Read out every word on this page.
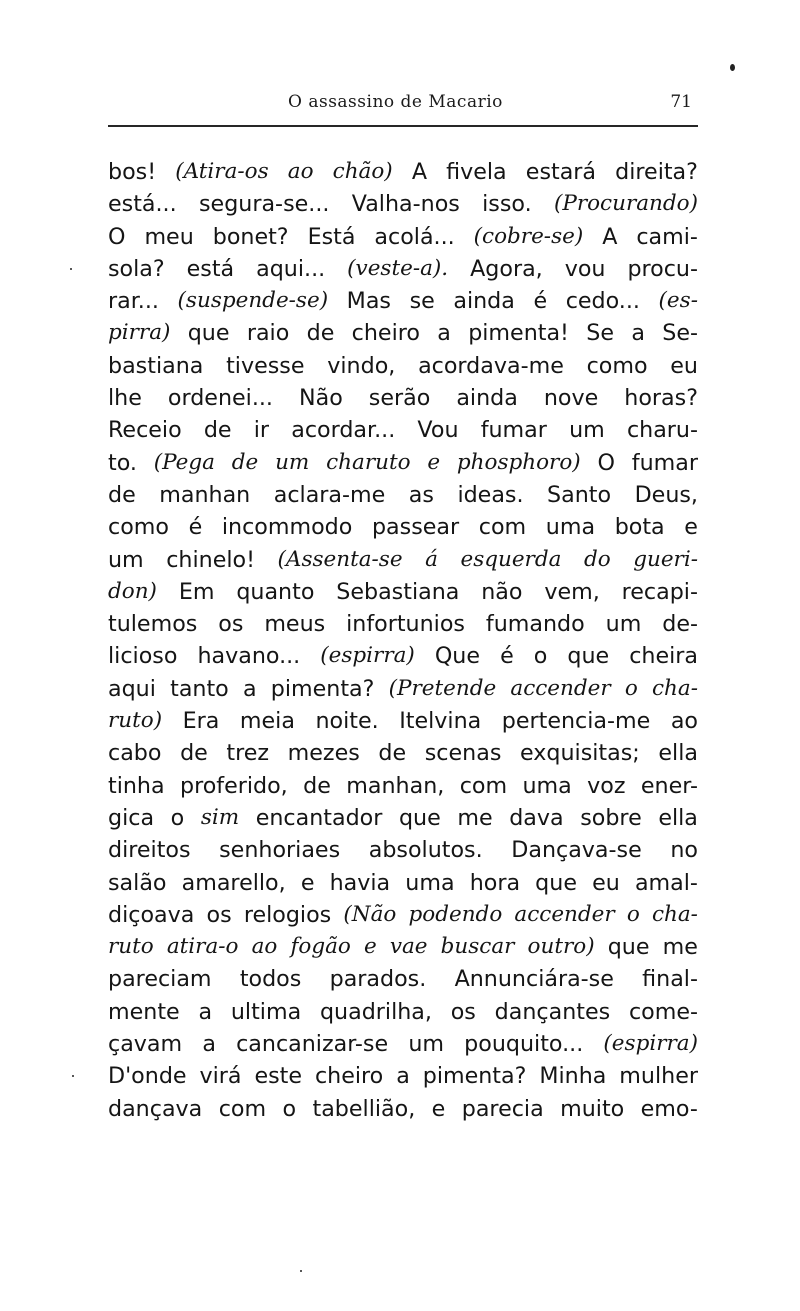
O assassino de Macario	71
bos! (Atira-os ao chão) A fivela estará direita?
está... segura-se... Valha-nos isso. (Procurando)
O meu bonet? Está acolá... (cobre-se) A cami-
sola? está aqui... (veste-a). Agora, vou procu-
rar... (suspende-se) Mas se ainda é cedo... (es-
pirra) que raio de cheiro a pimenta! Se a Se-
bastiana tivesse vindo, acordava-me como eu
lhe ordenei... Não serão ainda nove horas?
Receio de ir acordar... Vou fumar um charu-
to. (Pega de um charuto e phosphoro) O fumar
de manhan aclara-me as ideas. Santo Deus,
como é incommodo passear com uma bota e
um chinelo! (Assenta-se á esquerda do gueri-
don) Em quanto Sebastiana não vem, recapi-
tulemos os meus infortunios fumando um de-
licioso havano... (espirra) Que é o que cheira
aqui tanto a pimenta? (Pretende accender o cha-
ruto) Era meia noite. Itelvina pertencia-me ao
cabo de trez mezes de scenas exquisitas; ella
tinha proferido, de manhan, com uma voz ener-
gica o sim encantador que me dava sobre ella
direitos senhoriaes absolutos. Dançava-se no
salão amarello, e havia uma hora que eu amal-
diçoava os relogios (Não podendo accender o cha-
ruto atira-o ao fogão e vae buscar outro) que me
pareciam todos parados. Annunciára-se final-
mente a ultima quadrilha, os dançantes come-
çavam a cancanizar-se um pouquito... (espirra)
D'onde virá este cheiro a pimenta? Minha mulher
dançava com o tabellião, e parecia muito emo-
